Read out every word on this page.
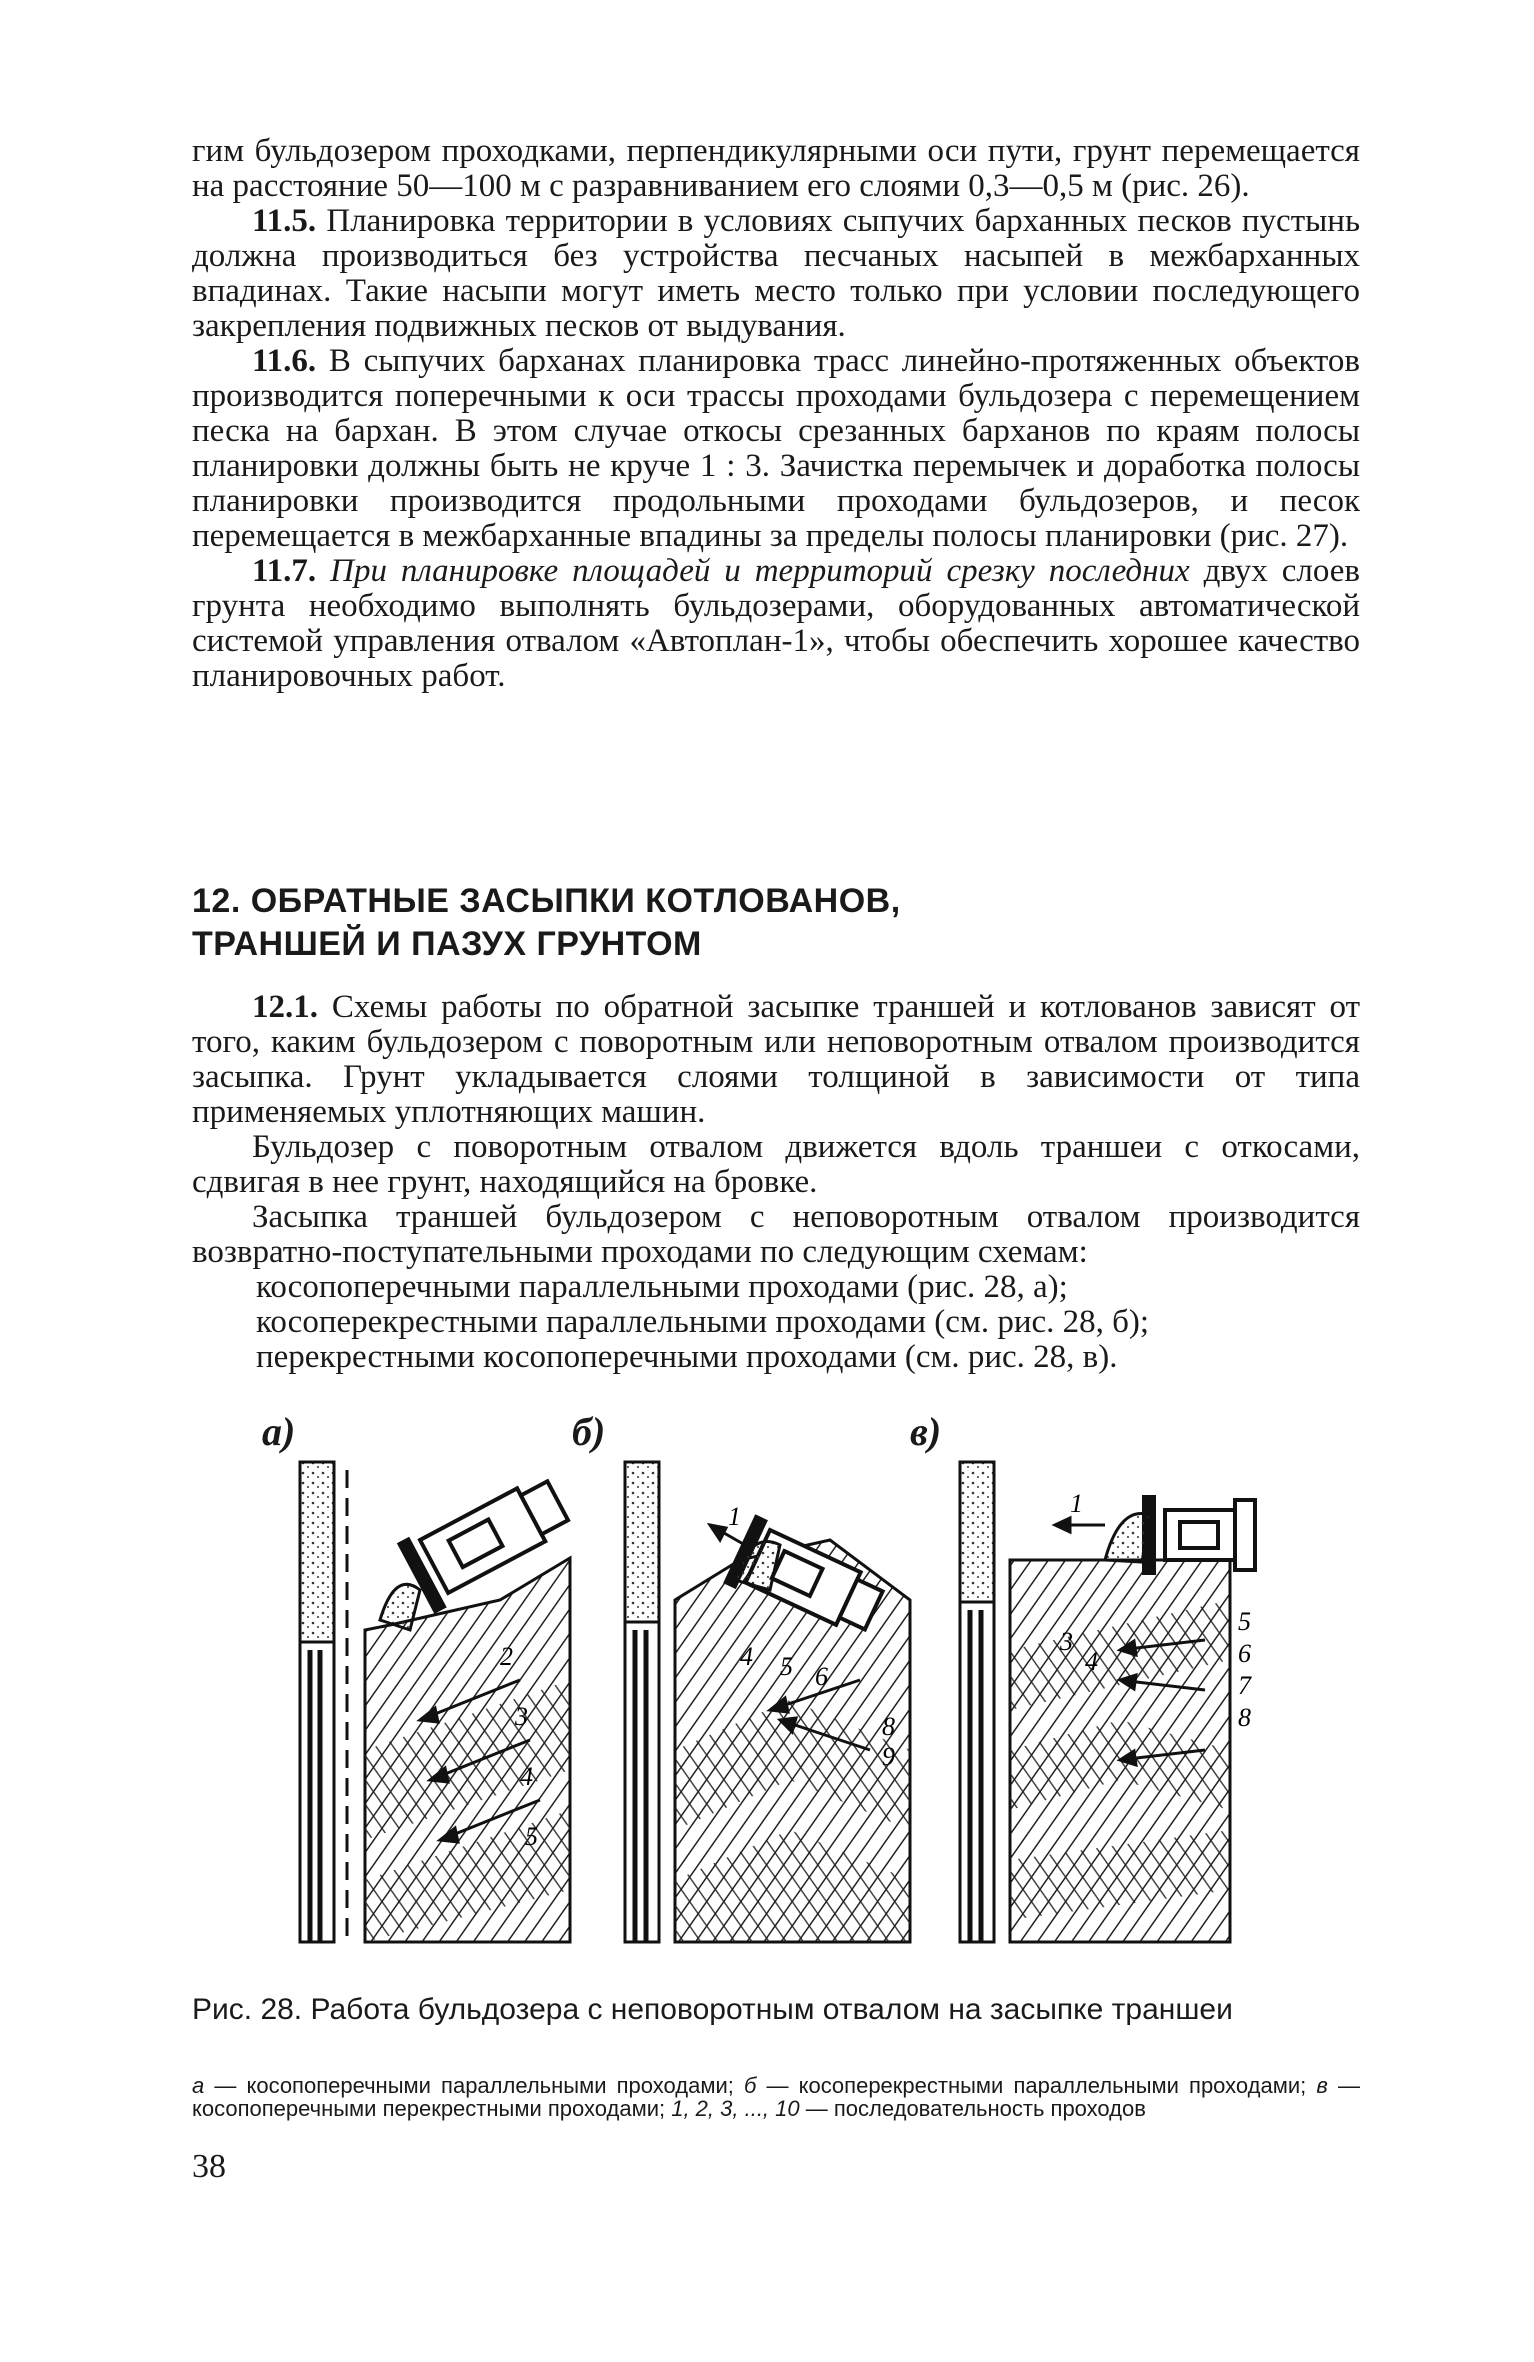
гим бульдозером проходками, перпендикулярными оси пути, грунт перемещается на расстояние 50—100 м с разравниванием его слоями 0,3—0,5 м (рис. 26).

11.5. Планировка территории в условиях сыпучих барханных песков пустынь должна производиться без устройства песчаных насыпей в межбарханных впадинах. Такие насыпи могут иметь место только при условии последующего закрепления подвижных песков от выдувания.

11.6. В сыпучих барханах планировка трасс линейно-протяженных объектов производится поперечными к оси трассы проходами бульдозера с перемещением песка на бархан. В этом случае откосы срезанных барханов по краям полосы планировки должны быть не круче 1 : 3. Зачистка перемычек и доработка полосы планировки производится продольными проходами бульдозеров, и песок перемещается в межбарханные впадины за пределы полосы планировки (рис. 27).

11.7. При планировке площадей и территорий срезку последних двух слоев грунта необходимо выполнять бульдозерами, оборудованных автоматической системой управления отвалом «Автоплан-1», чтобы обеспечить хорошее качество планировочных работ.

12. ОБРАТНЫЕ ЗАСЫПКИ КОТЛОВАНОВ,
ТРАНШЕЙ И ПАЗУХ ГРУНТОМ

12.1. Схемы работы по обратной засыпке траншей и котлованов зависят от того, каким бульдозером с поворотным или неповоротным отвалом производится засыпка. Грунт укладывается слоями толщиной в зависимости от типа применяемых уплотняющих машин.

Бульдозер с поворотным отвалом движется вдоль траншеи с откосами, сдвигая в нее грунт, находящийся на бровке.

Засыпка траншей бульдозером с неповоротным отвалом производится возвратно-поступательными проходами по следующим схемам:

косопоперечными параллельными проходами (рис. 28, а);

косоперекрестными параллельными проходами (см. рис. 28, б);

перекрестными косопоперечными проходами (см. рис. 28, в).

а)	б)	в)
2
3
4
5
1
4 5 6
8
9
1
3
4
5
6
7
8
Рис. 28. Работа бульдозера с неповоротным отвалом на засыпке траншеи
а — косопоперечными параллельными проходами; б — косоперекрестными параллельными проходами; в — косопоперечными перекрестными проходами; 1, 2, 3, ..., 10 — последовательность проходов
38
